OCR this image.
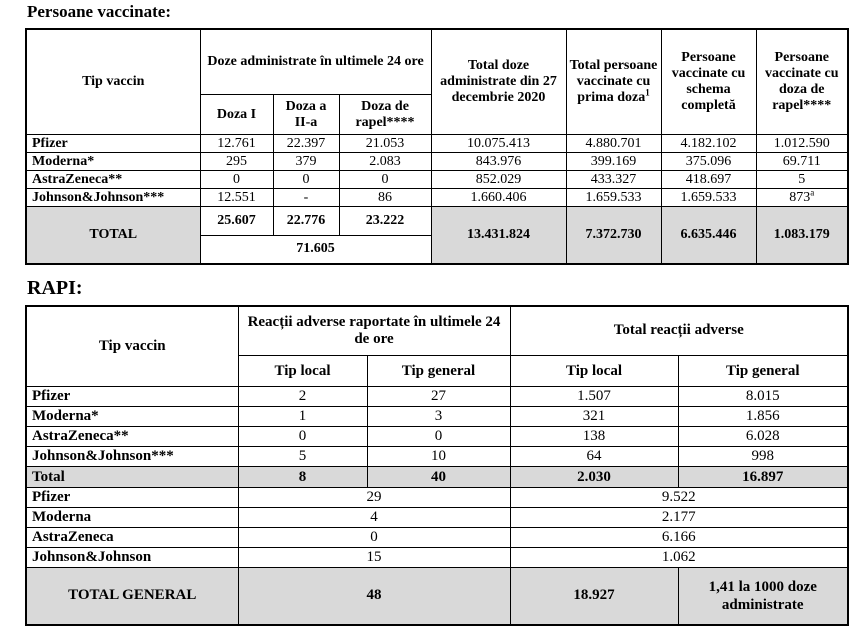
Persoane vaccinate:
Tip vaccin	Doze administrate în ultimele 24 ore			Total doze administrate din 27 decembrie 2020	Total persoane vaccinate cu prima doza$^1$	Persoane vaccinate cu schema completă	Persoane vaccinate cu doza de rapel****
	Doza I	Doza a II-a	Doza de rapel****				
Pfizer	12.761	22.397	21.053	10.075.413	4.880.701	4.182.102	1.012.590
Moderna*	295	379	2.083	843.976	399.169	375.096	69.711
AstraZeneca**	0	0	0	852.029	433.327	418.697	5
Johnson&Johnson***	12.551	-	86	1.660.406	1.659.533	1.659.533	873$^a$
TOTAL	25.607	22.776	23.222	13.431.824	7.372.730	6.635.446	1.083.179
	71.605						
RAPI:
Tip vaccin	Reacții adverse raportate în ultimele 24 de ore		Total reacții adverse	
	Tip local	Tip general	Tip local	Tip general
Pfizer	2	27	1.507	8.015
Moderna*	1	3	321	1.856
AstraZeneca**	0	0	138	6.028
Johnson&Johnson***	5	10	64	998
Total	8	40	2.030	16.897
Pfizer	29		9.522	
Moderna	4		2.177	
AstraZeneca	0		6.166	
Johnson&Johnson	15		1.062	
TOTAL GENERAL	48		18.927	1,41 la 1000 doze administrate
